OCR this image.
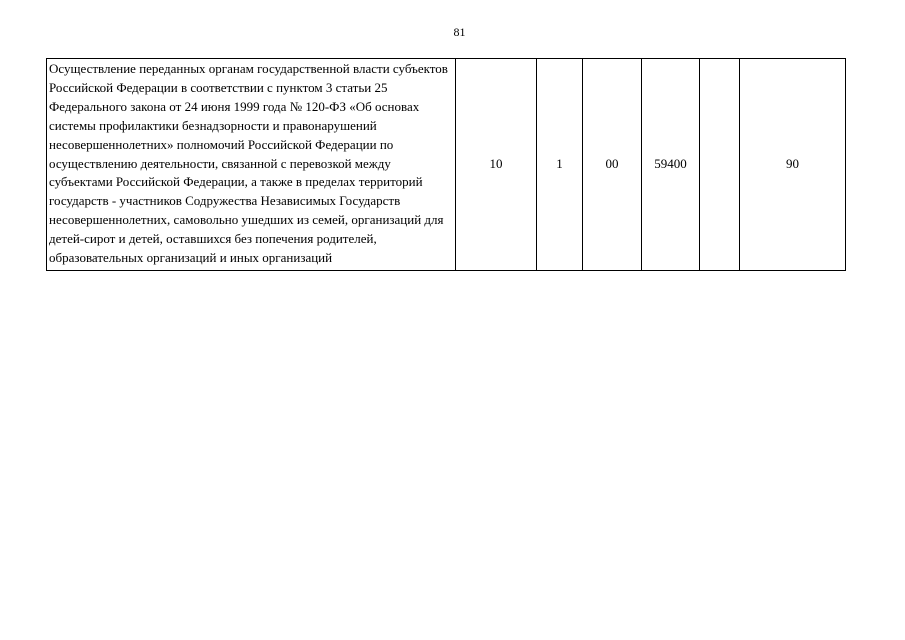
81
Осуществление переданных органам государственной власти субъектов Российской Федерации в соответствии с пунктом 3 статьи 25 Федерального закона от 24 июня 1999 года № 120-ФЗ «Об основах системы профилактики безнадзорности и правонарушений несовершеннолетних» полномочий Российской Федерации по осуществлению деятельности, связанной с перевозкой между субъектами Российской Федерации, а также в пределах территорий государств - участников Содружества Независимых Государств несовершеннолетних, самовольно ушедших из семей, организаций для детей-сирот и детей, оставшихся без попечения родителей, образовательных организаций и иных организаций	10	1	00	59400		90
